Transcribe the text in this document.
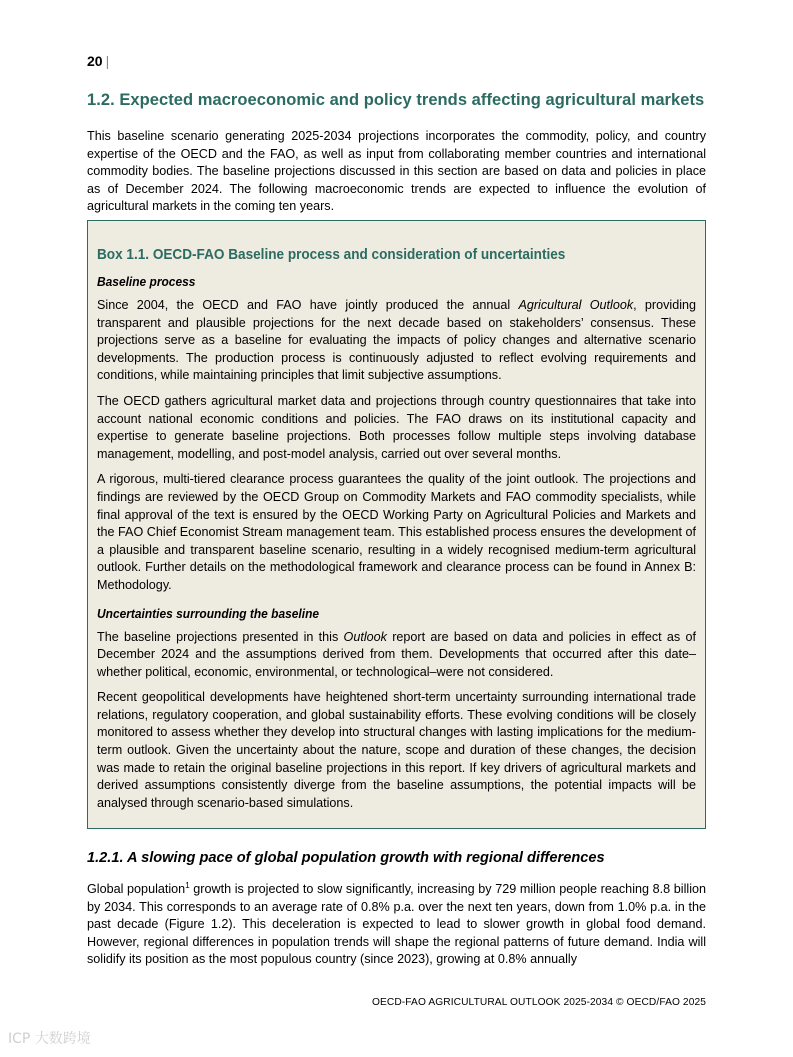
20 |
1.2. Expected macroeconomic and policy trends affecting agricultural markets

This baseline scenario generating 2025-2034 projections incorporates the commodity, policy, and country expertise of the OECD and the FAO, as well as input from collaborating member countries and international commodity bodies. The baseline projections discussed in this section are based on data and policies in place as of December 2024. The following macroeconomic trends are expected to influence the evolution of agricultural markets in the coming ten years.

Box 1.1. OECD-FAO Baseline process and consideration of uncertainties
Baseline process

Since 2004, the OECD and FAO have jointly produced the annual Agricultural Outlook, providing transparent and plausible projections for the next decade based on stakeholders’ consensus. These projections serve as a baseline for evaluating the impacts of policy changes and alternative scenario developments. The production process is continuously adjusted to reflect evolving requirements and conditions, while maintaining principles that limit subjective assumptions.

The OECD gathers agricultural market data and projections through country questionnaires that take into account national economic conditions and policies. The FAO draws on its institutional capacity and expertise to generate baseline projections. Both processes follow multiple steps involving database management, modelling, and post-model analysis, carried out over several months.

A rigorous, multi-tiered clearance process guarantees the quality of the joint outlook. The projections and findings are reviewed by the OECD Group on Commodity Markets and FAO commodity specialists, while final approval of the text is ensured by the OECD Working Party on Agricultural Policies and Markets and the FAO Chief Economist Stream management team. This established process ensures the development of a plausible and transparent baseline scenario, resulting in a widely recognised medium-term agricultural outlook. Further details on the methodological framework and clearance process can be found in Annex B: Methodology.

Uncertainties surrounding the baseline

The baseline projections presented in this Outlook report are based on data and policies in effect as of December 2024 and the assumptions derived from them. Developments that occurred after this date–whether political, economic, environmental, or technological–were not considered.

Recent geopolitical developments have heightened short-term uncertainty surrounding international trade relations, regulatory cooperation, and global sustainability efforts. These evolving conditions will be closely monitored to assess whether they develop into structural changes with lasting implications for the medium-term outlook. Given the uncertainty about the nature, scope and duration of these changes, the decision was made to retain the original baseline projections in this report. If key drivers of agricultural markets and derived assumptions consistently diverge from the baseline assumptions, the potential impacts will be analysed through scenario-based simulations.

1.2.1. A slowing pace of global population growth with regional differences

Global population$^1$ growth is projected to slow significantly, increasing by 729 million people reaching 8.8 billion by 2034. This corresponds to an average rate of 0.8% p.a. over the next ten years, down from 1.0% p.a. in the past decade (Figure 1.2). This deceleration is expected to lead to slower growth in global food demand. However, regional differences in population trends will shape the regional patterns of future demand. India will solidify its position as the most populous country (since 2023), growing at 0.8% annually

OECD-FAO AGRICULTURAL OUTLOOK 2025-2034 © OECD/FAO 2025
ICP 大数跨境
